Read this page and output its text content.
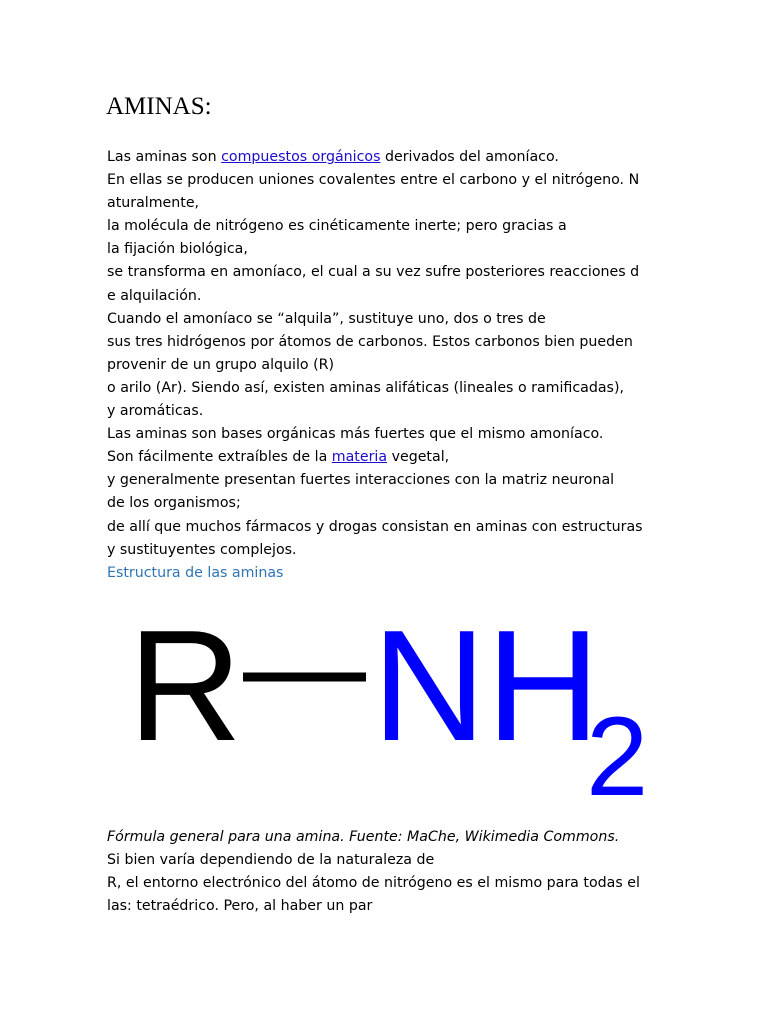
AMINAS:
Las aminas son compuestos orgánicos derivados del amoníaco.
En ellas se producen uniones covalentes entre el carbono y el nitrógeno. N
aturalmente,
la molécula de nitrógeno es cinéticamente inerte; pero gracias a
la fijación biológica,
se transforma en amoníaco, el cual a su vez sufre posteriores reacciones d
e alquilación.
Cuando el amoníaco se “alquila”, sustituye uno, dos o tres de
sus tres hidrógenos por átomos de carbonos. Estos carbonos bien pueden
provenir de un grupo alquilo (R)
o arilo (Ar). Siendo así, existen aminas alifáticas (lineales o ramificadas),
y aromáticas.
Las aminas son bases orgánicas más fuertes que el mismo amoníaco.
Son fácilmente extraíbles de la materia vegetal,
y generalmente presentan fuertes interacciones con la matriz neuronal
de los organismos;
de allí que muchos fármacos y drogas consistan en aminas con estructuras
y sustituyentes complejos.
Estructura de las aminas
R NH
2
Fórmula general para una amina. Fuente: MaChe, Wikimedia Commons.
Si bien varía dependiendo de la naturaleza de
R, el entorno electrónico del átomo de nitrógeno es el mismo para todas el
las: tetraédrico. Pero, al haber un par
